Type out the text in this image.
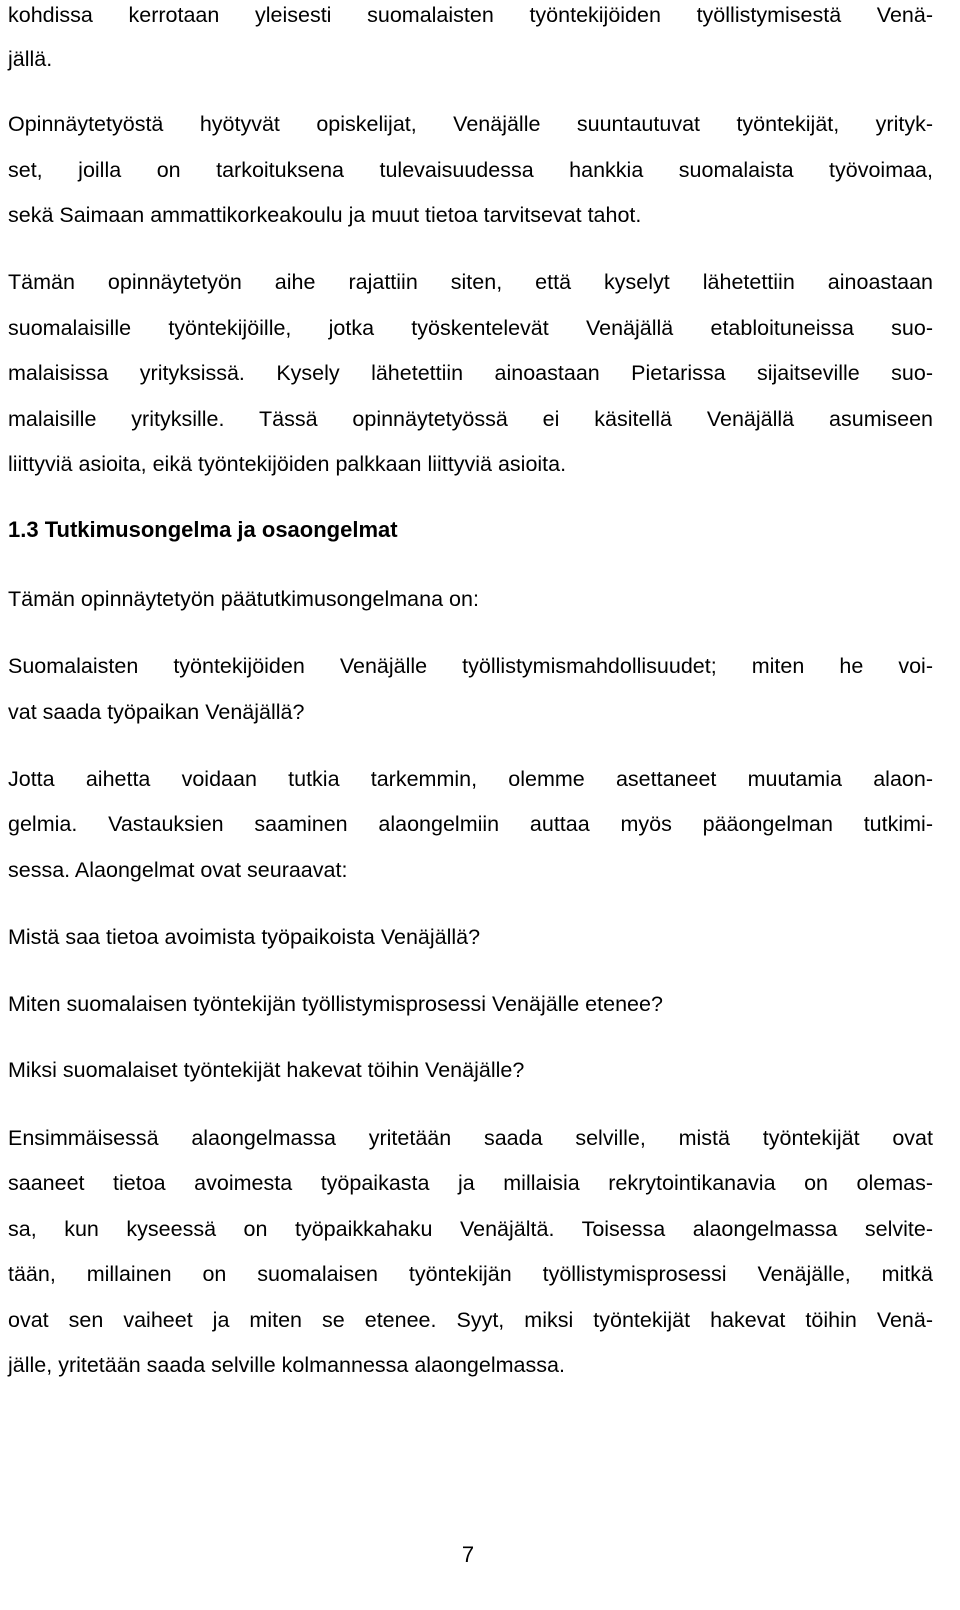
kohdissa kerrotaan yleisesti suomalaisten työntekijöiden työllistymisestä Venä-
jällä.
Opinnäytetyöstä hyötyvät opiskelijat, Venäjälle suuntautuvat työntekijät, yrityk-
set, joilla on tarkoituksena tulevaisuudessa hankkia suomalaista työvoimaa,
sekä Saimaan ammattikorkeakoulu ja muut tietoa tarvitsevat tahot.
Tämän opinnäytetyön aihe rajattiin siten, että kyselyt lähetettiin ainoastaan
suomalaisille työntekijöille, jotka työskentelevät Venäjällä etabloituneissa suo-
malaisissa yrityksissä. Kysely lähetettiin ainoastaan Pietarissa sijaitseville suo-
malaisille yrityksille. Tässä opinnäytetyössä ei käsitellä Venäjällä asumiseen
liittyviä asioita, eikä työntekijöiden palkkaan liittyviä asioita.
1.3 Tutkimusongelma ja osaongelmat
Tämän opinnäytetyön päätutkimusongelmana on:
Suomalaisten työntekijöiden Venäjälle työllistymismahdollisuudet; miten he voi-
vat saada työpaikan Venäjällä?
Jotta aihetta voidaan tutkia tarkemmin, olemme asettaneet muutamia alaon-
gelmia. Vastauksien saaminen alaongelmiin auttaa myös pääongelman tutkimi-
sessa. Alaongelmat ovat seuraavat:
Mistä saa tietoa avoimista työpaikoista Venäjällä?
Miten suomalaisen työntekijän työllistymisprosessi Venäjälle etenee?
Miksi suomalaiset työntekijät hakevat töihin Venäjälle?
Ensimmäisessä alaongelmassa yritetään saada selville, mistä työntekijät ovat
saaneet tietoa avoimesta työpaikasta ja millaisia rekrytointikanavia on olemas-
sa, kun kyseessä on työpaikkahaku Venäjältä. Toisessa alaongelmassa selvite-
tään, millainen on suomalaisen työntekijän työllistymisprosessi Venäjälle, mitkä
ovat sen vaiheet ja miten se etenee. Syyt, miksi työntekijät hakevat töihin Venä-
jälle, yritetään saada selville kolmannessa alaongelmassa.
7
